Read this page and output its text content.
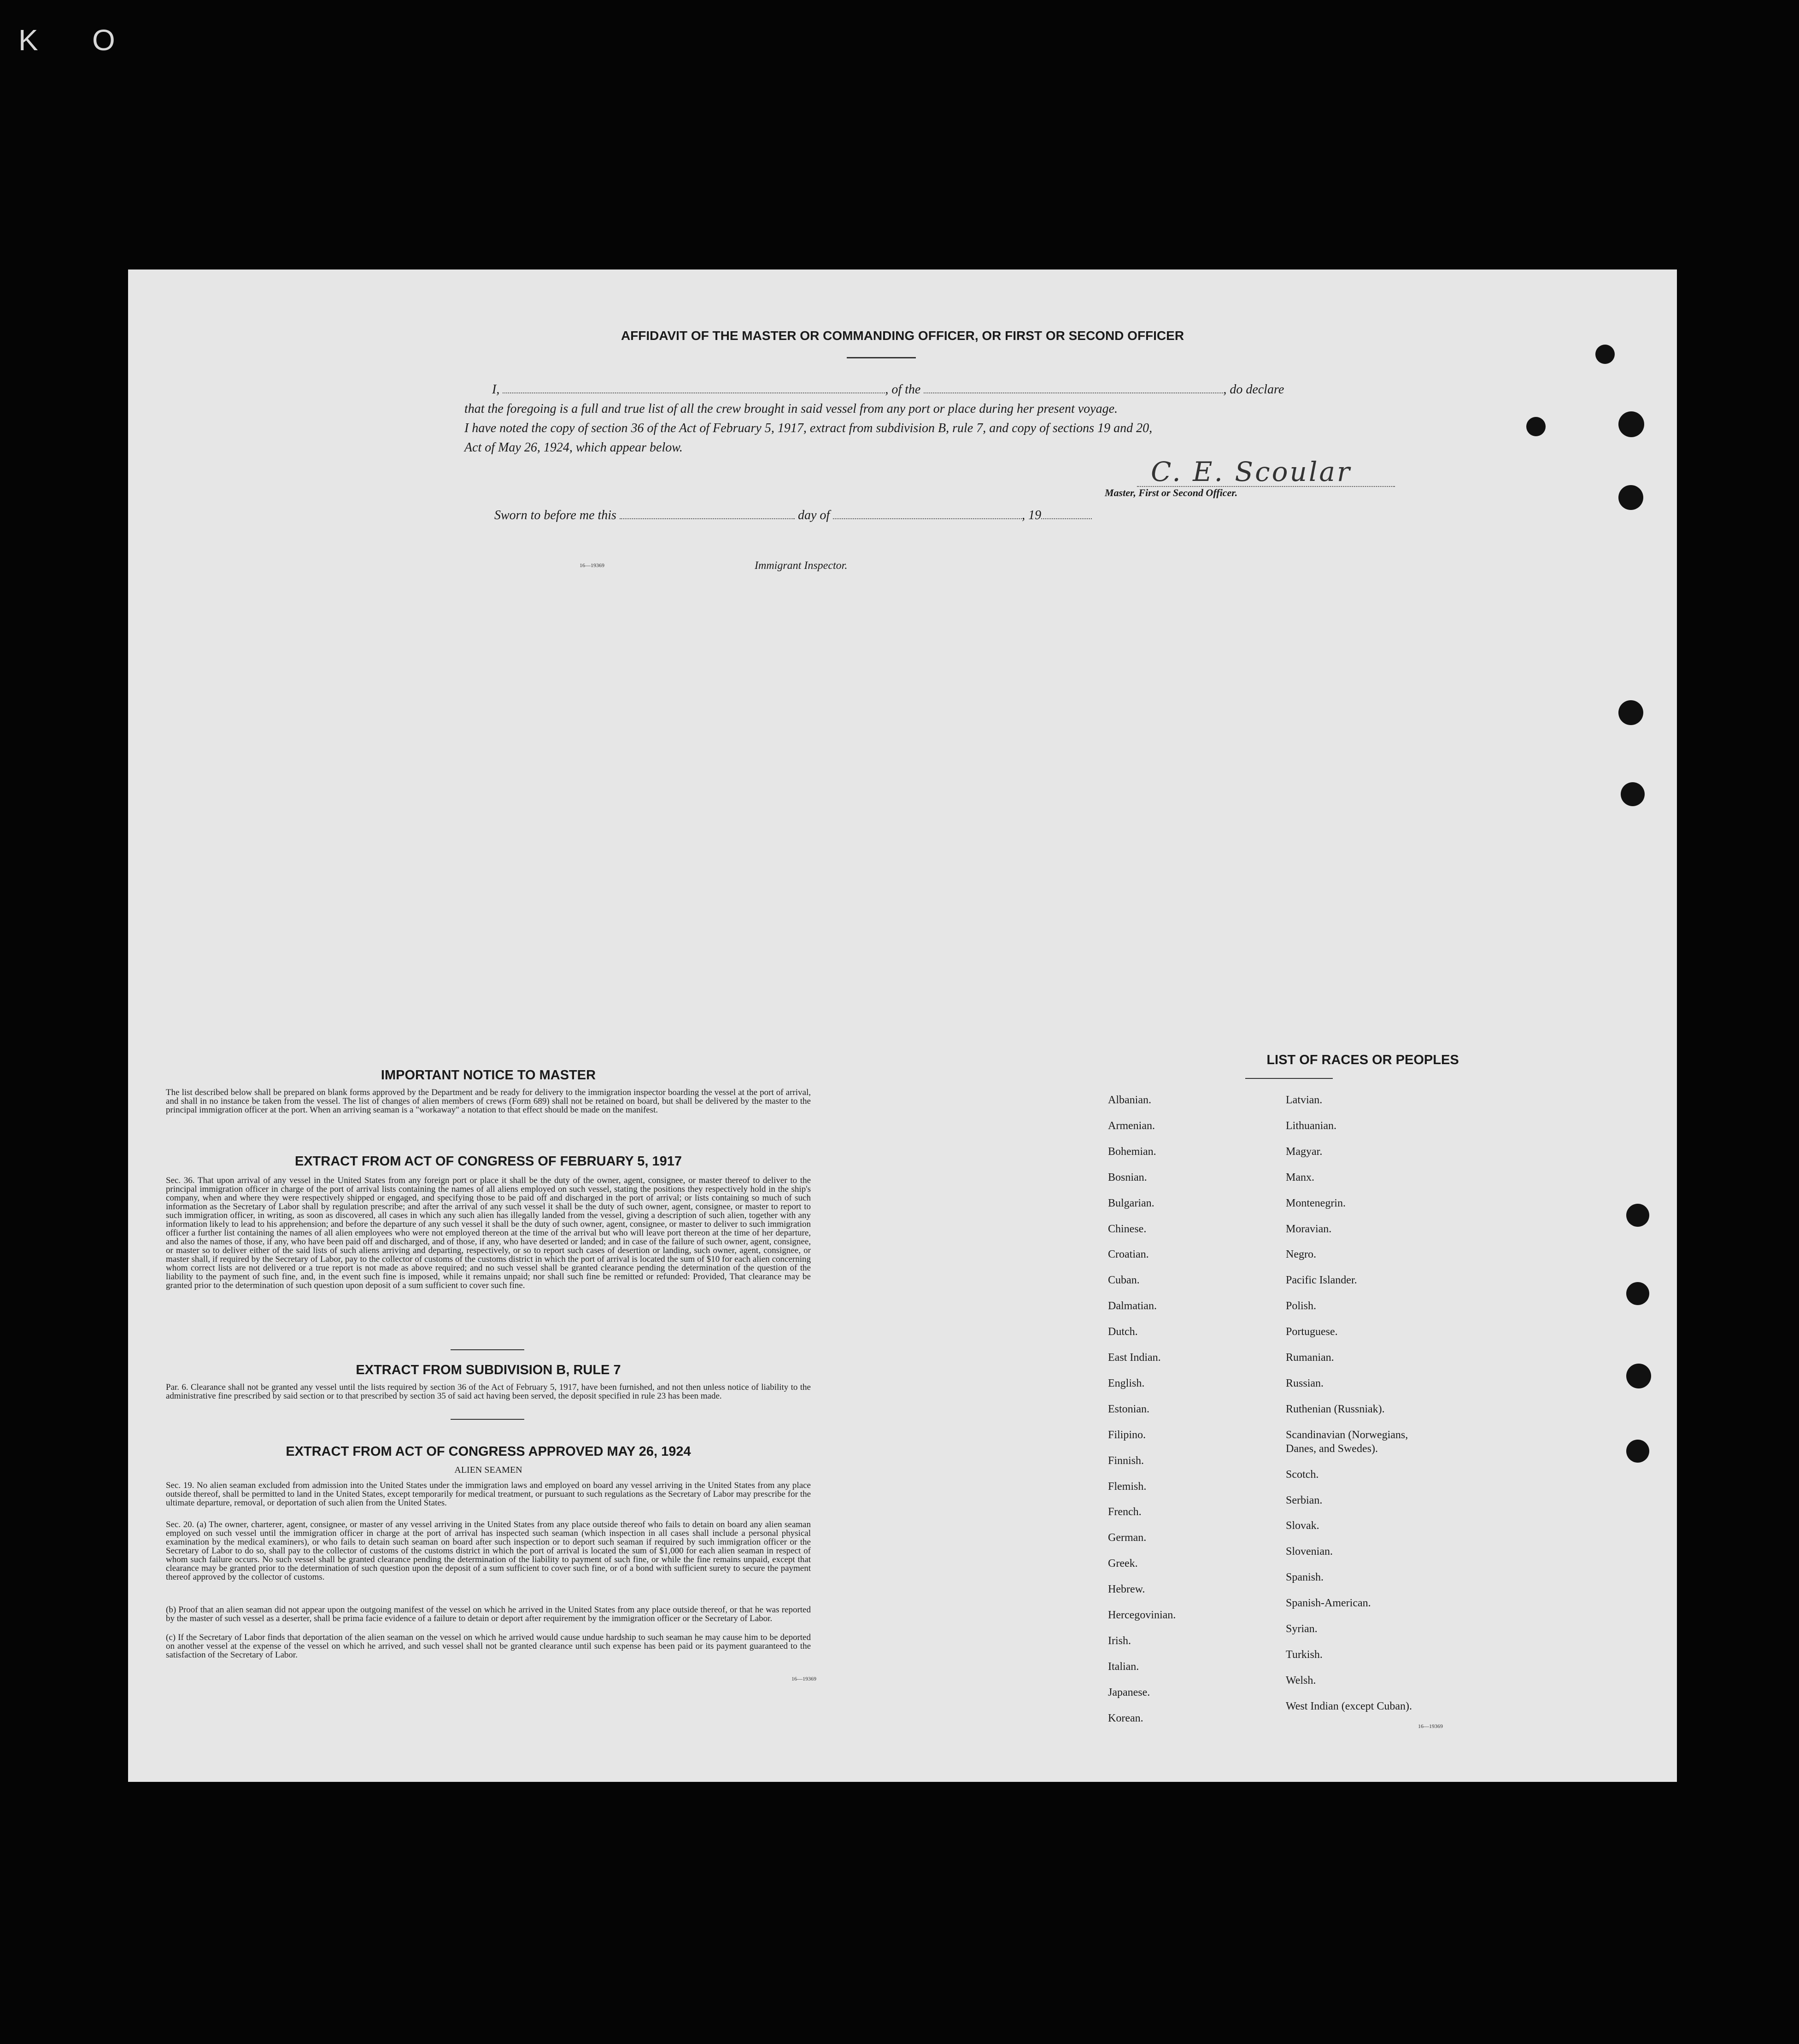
K O
AFFIDAVIT OF THE MASTER OR COMMANDING OFFICER, OR FIRST OR SECOND OFFICER
I,	, of the	, do declare
that the foregoing is a full and true list of all the crew brought in said vessel from any port or place during her present voyage.
I have noted the copy of section 36 of the Act of February 5, 1917, extract from subdivision B, rule 7, and copy of sections 19 and 20,
Act of May 26, 1924, which appear below.
C. E. Scoular
Master, First or Second Officer.
Sworn to before me this	day of	, 19
16—19369	Immigrant Inspector.
IMPORTANT NOTICE TO MASTER
The list described below shall be prepared on blank forms approved by the Department and be ready for delivery to the immigration inspector boarding the vessel at the port of arrival, and shall in no instance be taken from the vessel. The list of changes of alien members of crews (Form 689) shall not be retained on board, but shall be delivered by the master to the principal immigration officer at the port. When an arriving seaman is a "workaway" a notation to that effect should be made on the manifest.
EXTRACT FROM ACT OF CONGRESS OF FEBRUARY 5, 1917
Sec. 36. That upon arrival of any vessel in the United States from any foreign port or place it shall be the duty of the owner, agent, consignee, or master thereof to deliver to the principal immigration officer in charge of the port of arrival lists containing the names of all aliens employed on such vessel, stating the positions they respectively hold in the ship's company, when and where they were respectively shipped or engaged, and specifying those to be paid off and discharged in the port of arrival; or lists containing so much of such information as the Secretary of Labor shall by regulation prescribe; and after the arrival of any such vessel it shall be the duty of such owner, agent, consignee, or master to report to such immigration officer, in writing, as soon as discovered, all cases in which any such alien has illegally landed from the vessel, giving a description of such alien, together with any information likely to lead to his apprehension; and before the departure of any such vessel it shall be the duty of such owner, agent, consignee, or master to deliver to such immigration officer a further list containing the names of all alien employees who were not employed thereon at the time of the arrival but who will leave port thereon at the time of her departure, and also the names of those, if any, who have been paid off and discharged, and of those, if any, who have deserted or landed; and in case of the failure of such owner, agent, consignee, or master so to deliver either of the said lists of such aliens arriving and departing, respectively, or so to report such cases of desertion or landing, such owner, agent, consignee, or master shall, if required by the Secretary of Labor, pay to the collector of customs of the customs district in which the port of arrival is located the sum of $10 for each alien concerning whom correct lists are not delivered or a true report is not made as above required; and no such vessel shall be granted clearance pending the determination of the question of the liability to the payment of such fine, and, in the event such fine is imposed, while it remains unpaid; nor shall such fine be remitted or refunded: Provided, That clearance may be granted prior to the determination of such question upon deposit of a sum sufficient to cover such fine.
EXTRACT FROM SUBDIVISION B, RULE 7
Par. 6. Clearance shall not be granted any vessel until the lists required by section 36 of the Act of February 5, 1917, have been furnished, and not then unless notice of liability to the administrative fine prescribed by said section or to that prescribed by section 35 of said act having been served, the deposit specified in rule 23 has been made.
EXTRACT FROM ACT OF CONGRESS APPROVED MAY 26, 1924
ALIEN SEAMEN
Sec. 19. No alien seaman excluded from admission into the United States under the immigration laws and employed on board any vessel arriving in the United States from any place outside thereof, shall be permitted to land in the United States, except temporarily for medical treatment, or pursuant to such regulations as the Secretary of Labor may prescribe for the ultimate departure, removal, or deportation of such alien from the United States.
Sec. 20. (a) The owner, charterer, agent, consignee, or master of any vessel arriving in the United States from any place outside thereof who fails to detain on board any alien seaman employed on such vessel until the immigration officer in charge at the port of arrival has inspected such seaman (which inspection in all cases shall include a personal physical examination by the medical examiners), or who fails to detain such seaman on board after such inspection or to deport such seaman if required by such immigration officer or the Secretary of Labor to do so, shall pay to the collector of customs of the customs district in which the port of arrival is located the sum of $1,000 for each alien seaman in respect of whom such failure occurs. No such vessel shall be granted clearance pending the determination of the liability to payment of such fine, or while the fine remains unpaid, except that clearance may be granted prior to the determination of such question upon the deposit of a sum sufficient to cover such fine, or of a bond with sufficient surety to secure the payment thereof approved by the collector of customs.
(b) Proof that an alien seaman did not appear upon the outgoing manifest of the vessel on which he arrived in the United States from any place outside thereof, or that he was reported by the master of such vessel as a deserter, shall be prima facie evidence of a failure to detain or deport after requirement by the immigration officer or the Secretary of Labor.
(c) If the Secretary of Labor finds that deportation of the alien seaman on the vessel on which he arrived would cause undue hardship to such seaman he may cause him to be deported on another vessel at the expense of the vessel on which he arrived, and such vessel shall not be granted clearance until such expense has been paid or its payment guaranteed to the satisfaction of the Secretary of Labor.
16—19369
LIST OF RACES OR PEOPLES
Albanian.
Armenian.
Bohemian.
Bosnian.
Bulgarian.
Chinese.
Croatian.
Cuban.
Dalmatian.
Dutch.
East Indian.
English.
Estonian.
Filipino.
Finnish.
Flemish.
French.
German.
Greek.
Hebrew.
Hercegovinian.
Irish.
Italian.
Japanese.
Korean.
Latvian.
Lithuanian.
Magyar.
Manx.
Montenegrin.
Moravian.
Negro.
Pacific Islander.
Polish.
Portuguese.
Rumanian.
Russian.
Ruthenian (Russniak).
Scandinavian (Norwegians,
Danes, and Swedes).
Scotch.
Serbian.
Slovak.
Slovenian.
Spanish.
Spanish-American.
Syrian.
Turkish.
Welsh.
West Indian (except Cuban).
16—19369
